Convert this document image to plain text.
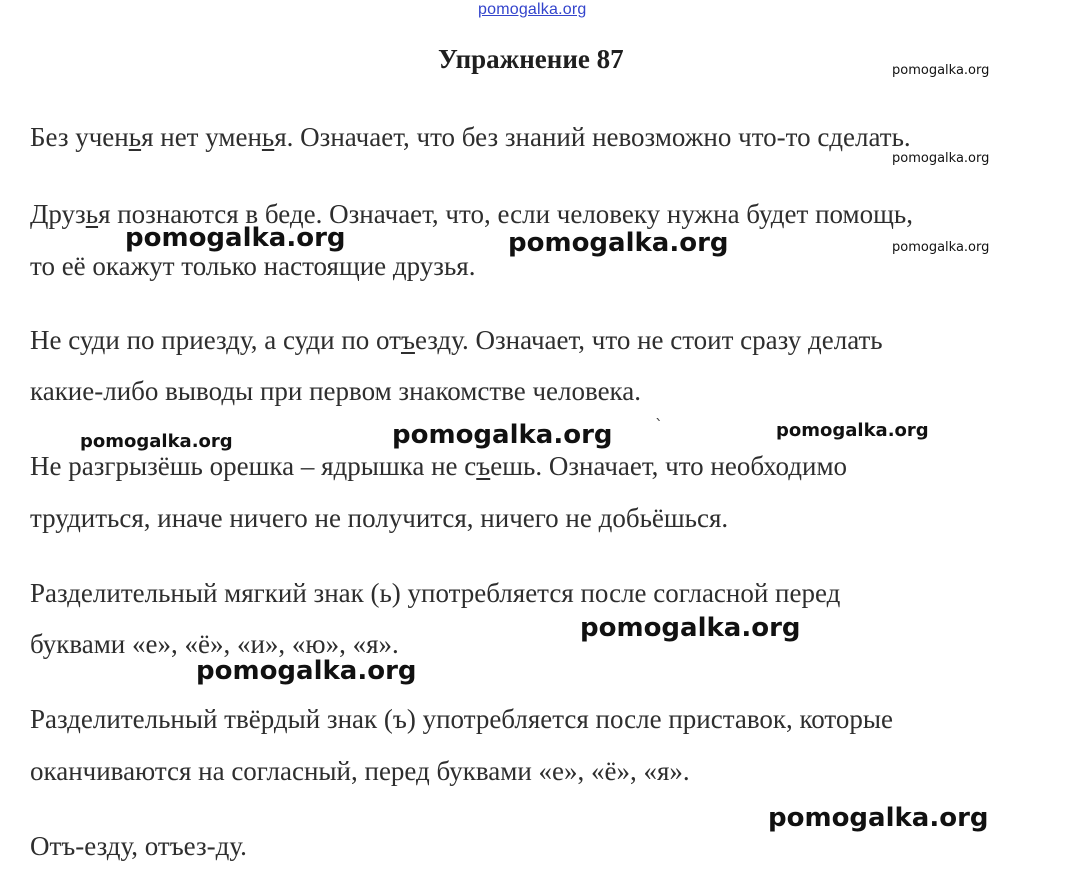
pomogalka.org
Упражнение 87
Без ученья нет уменья. Означает, что без знаний невозможно что-то сделать.
Друзья познаются в беде. Означает, что, если человеку нужна будет помощь,
то её окажут только настоящие друзья.
Не суди по приезду, а суди по отъезду. Означает, что не стоит сразу делать
какие-либо выводы при первом знакомстве человека.
Не разгрызёшь орешка – ядрышка не съешь. Означает, что необходимо
трудиться, иначе ничего не получится, ничего не добьёшься.
Разделительный мягкий знак (ь) употребляется после согласной перед
буквами «е», «ё», «и», «ю», «я».
Разделительный твёрдый знак (ъ) употребляется после приставок, которые
оканчиваются на согласный, перед буквами «е», «ё», «я».
Отъ-езду, отъез-ду.
pomogalka.org
pomogalka.org
pomogalka.org
pomogalka.org	pomogalka.org
pomogalka.org	pomogalka.org	pomogalka.org
pomogalka.org
pomogalka.org
pomogalka.org
ˋ
